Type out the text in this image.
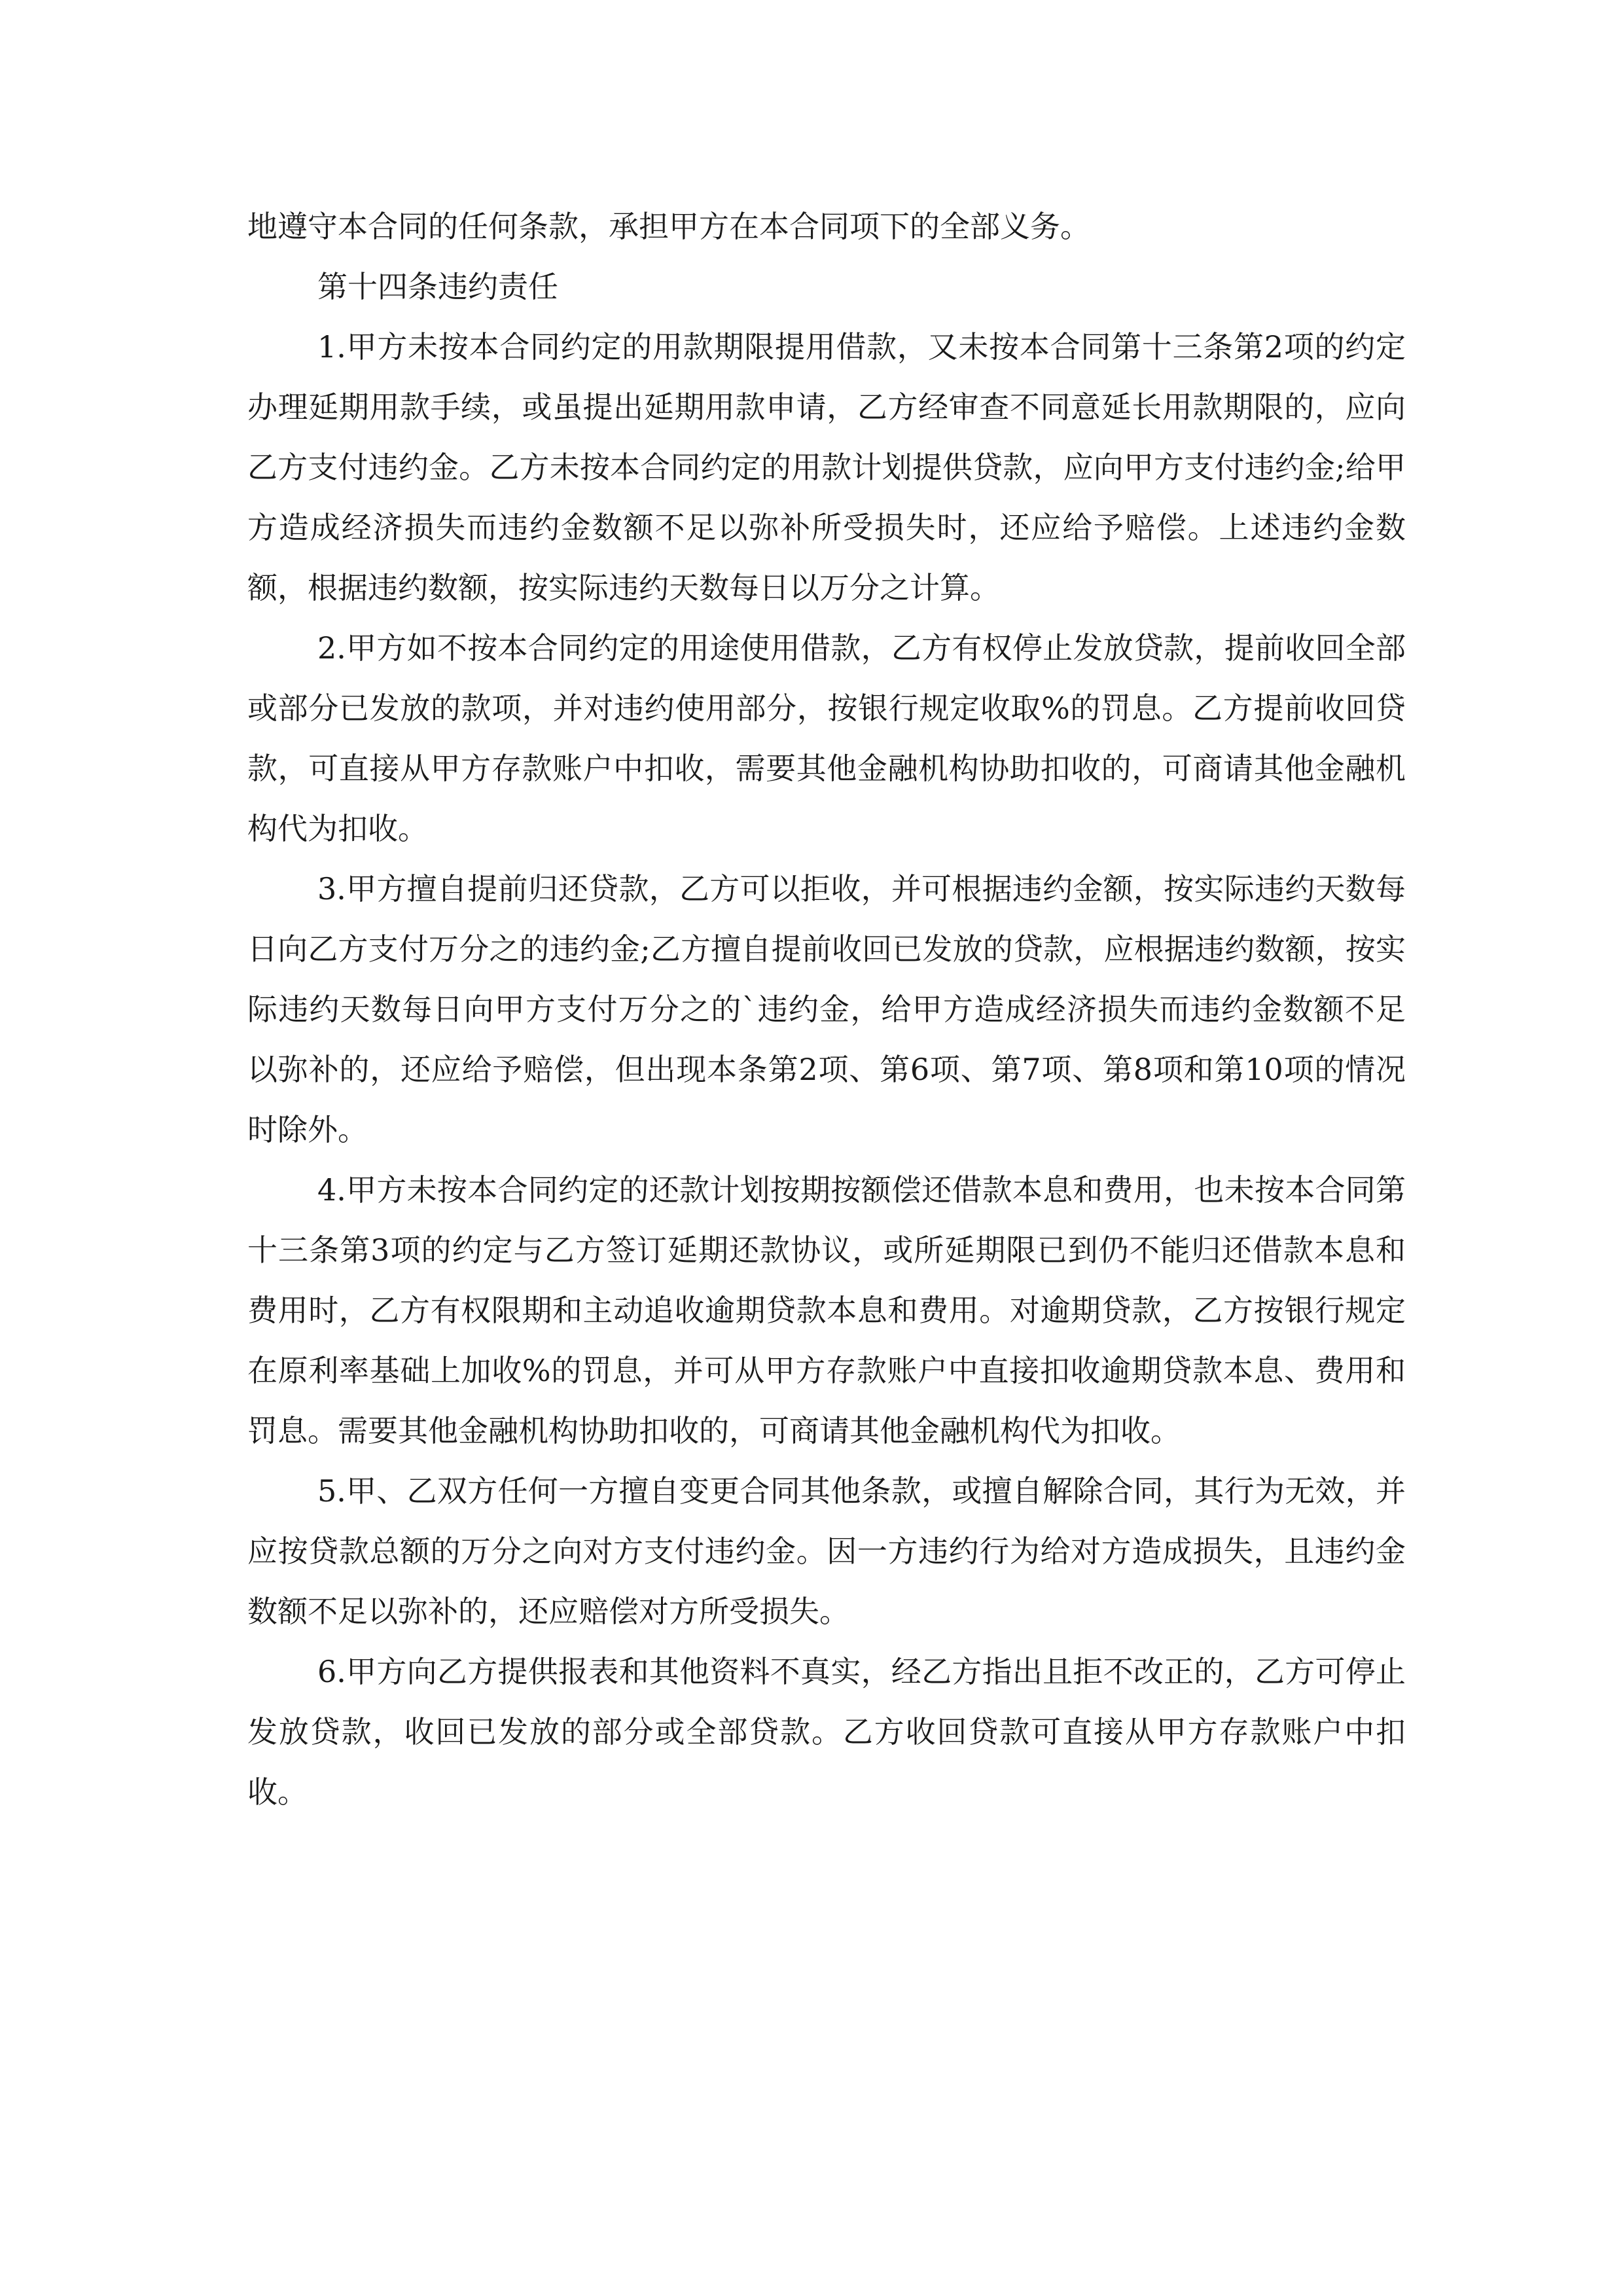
地遵守本合同的任何条款，承担甲方在本合同项下的全部义务。

第十四条违约责任

1.甲方未按本合同约定的用款期限提用借款，又未按本合同第十三条第2项的约定办理延期用款手续，或虽提出延期用款申请，乙方经审查不同意延长用款期限的，应向乙方支付违约金。乙方未按本合同约定的用款计划提供贷款，应向甲方支付违约金;给甲方造成经济损失而违约金数额不足以弥补所受损失时，还应给予赔偿。上述违约金数额，根据违约数额，按实际违约天数每日以万分之计算。

2.甲方如不按本合同约定的用途使用借款，乙方有权停止发放贷款，提前收回全部或部分已发放的款项，并对违约使用部分，按银行规定收取%的罚息。乙方提前收回贷款，可直接从甲方存款账户中扣收，需要其他金融机构协助扣收的，可商请其他金融机构代为扣收。

3.甲方擅自提前归还贷款，乙方可以拒收，并可根据违约金额，按实际违约天数每日向乙方支付万分之的违约金;乙方擅自提前收回已发放的贷款，应根据违约数额，按实际违约天数每日向甲方支付万分之的`违约金，给甲方造成经济损失而违约金数额不足以弥补的，还应给予赔偿，但出现本条第2项、第6项、第7项、第8项和第10项的情况时除外。

4.甲方未按本合同约定的还款计划按期按额偿还借款本息和费用，也未按本合同第十三条第3项的约定与乙方签订延期还款协议，或所延期限已到仍不能归还借款本息和费用时，乙方有权限期和主动追收逾期贷款本息和费用。对逾期贷款，乙方按银行规定在原利率基础上加收%的罚息，并可从甲方存款账户中直接扣收逾期贷款本息、费用和罚息。需要其他金融机构协助扣收的，可商请其他金融机构代为扣收。

5.甲、乙双方任何一方擅自变更合同其他条款，或擅自解除合同，其行为无效，并应按贷款总额的万分之向对方支付违约金。因一方违约行为给对方造成损失，且违约金数额不足以弥补的，还应赔偿对方所受损失。

6.甲方向乙方提供报表和其他资料不真实，经乙方指出且拒不改正的，乙方可停止发放贷款，收回已发放的部分或全部贷款。乙方收回贷款可直接从甲方存款账户中扣收。
